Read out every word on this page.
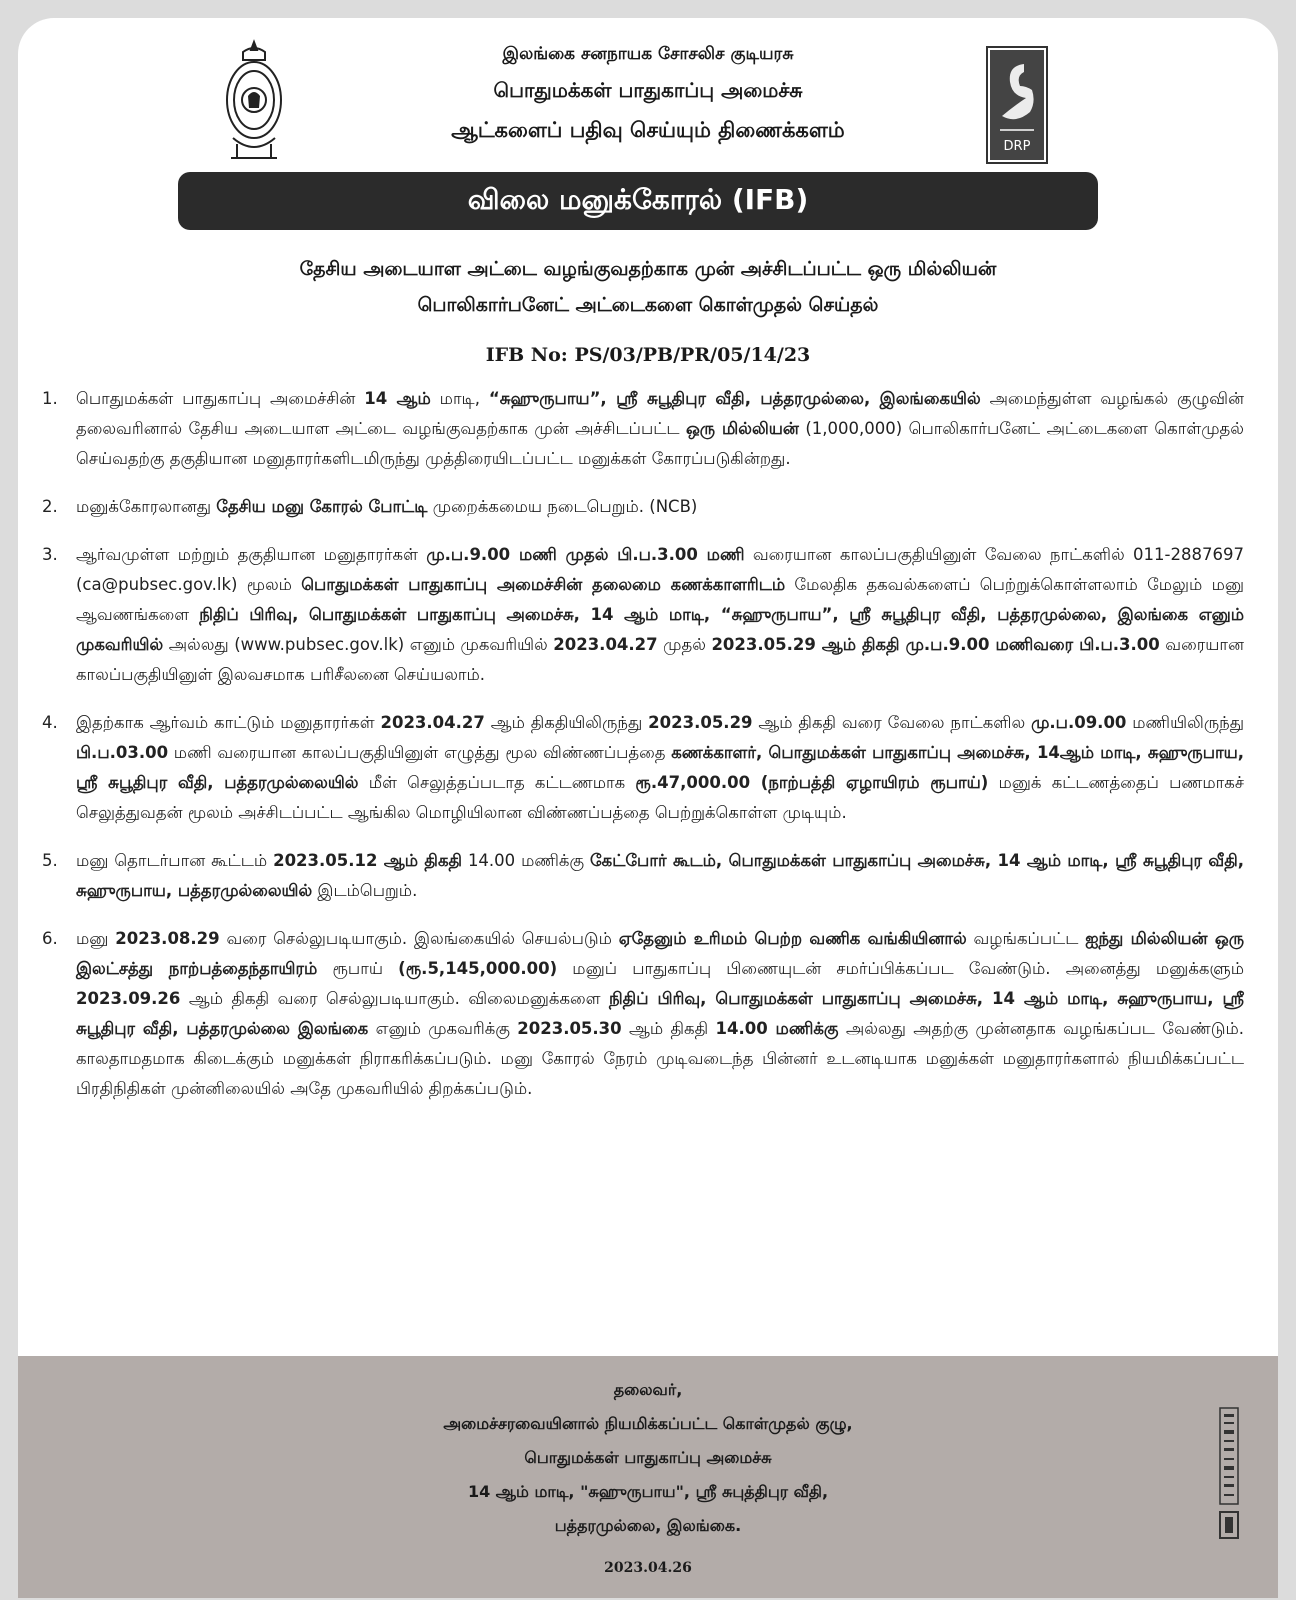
DRP
இலங்கை சனநாயக சோசலிச குடியரசு
பொதுமக்கள் பாதுகாப்பு அமைச்சு
ஆட்களைப் பதிவு செய்யும் திணைக்களம்
விலை மனுக்கோரல் (IFB)
தேசிய அடையாள அட்டை வழங்குவதற்காக முன் அச்சிடப்பட்ட ஒரு மில்லியன்
பொலிகார்பனேட் அட்டைகளை கொள்முதல் செய்தல்
IFB No: PS/03/PB/PR/05/14/23
1.	பொதுமக்கள் பாதுகாப்பு அமைச்சின் 14 ஆம் மாடி, “சுஹுருபாய”, ஸ்ரீ சுபூதிபுர வீதி, பத்தரமுல்லை, இலங்கையில் அமைந்துள்ள வழங்கல் குழுவின் தலைவரினால் தேசிய அடையாள அட்டை வழங்குவதற்காக முன் அச்சிடப்பட்ட ஒரு மில்லியன் (1,000,000) பொலிகார்பனேட் அட்டைகளை கொள்முதல் செய்வதற்கு தகுதியான மனுதாரர்களிடமிருந்து முத்திரையிடப்பட்ட மனுக்கள் கோரப்படுகின்றது.
2.	மனுக்கோரலானது தேசிய மனு கோரல் போட்டி முறைக்கமைய நடைபெறும். (NCB)
3.	ஆர்வமுள்ள மற்றும் தகுதியான மனுதாரர்கள் மு.ப.9.00 மணி முதல் பி.ப.3.00 மணி வரையான காலப்பகுதியினுள் வேலை நாட்களில் 011-2887697 (ca@pubsec.gov.lk) மூலம் பொதுமக்கள் பாதுகாப்பு அமைச்சின் தலைமை கணக்காளரிடம் மேலதிக தகவல்களைப் பெற்றுக்கொள்ளலாம் மேலும் மனு ஆவணங்களை நிதிப் பிரிவு, பொதுமக்கள் பாதுகாப்பு அமைச்சு, 14 ஆம் மாடி, “சுஹுருபாய”, ஸ்ரீ சுபூதிபுர வீதி, பத்தரமுல்லை, இலங்கை எனும் முகவரியில் அல்லது (www.pubsec.gov.lk) எனும் முகவரியில் 2023.04.27 முதல் 2023.05.29 ஆம் திகதி மு.ப.9.00 மணிவரை பி.ப.3.00 வரையான காலப்பகுதியினுள் இலவசமாக பரிசீலனை செய்யலாம்.
4.	இதற்காக ஆர்வம் காட்டும் மனுதாரர்கள் 2023.04.27 ஆம் திகதியிலிருந்து 2023.05.29 ஆம் திகதி வரை வேலை நாட்களில மு.ப.09.00 மணியிலிருந்து பி.ப.03.00 மணி வரையான காலப்பகுதியினுள் எழுத்து மூல விண்ணப்பத்தை கணக்காளர், பொதுமக்கள் பாதுகாப்பு அமைச்சு, 14ஆம் மாடி, சுஹுருபாய, ஸ்ரீ சுபூதிபுர வீதி, பத்தரமுல்லையில் மீள் செலுத்தப்படாத கட்டணமாக ரூ.47,000.00 (நாற்பத்தி ஏழாயிரம் ரூபாய்) மனுக் கட்டணத்தைப் பணமாகச் செலுத்துவதன் மூலம் அச்சிடப்பட்ட ஆங்கில மொழியிலான விண்ணப்பத்தை பெற்றுக்கொள்ள முடியும்.
5.	மனு தொடர்பான கூட்டம் 2023.05.12 ஆம் திகதி 14.00 மணிக்கு கேட்போர் கூடம், பொதுமக்கள் பாதுகாப்பு அமைச்சு, 14 ஆம் மாடி, ஸ்ரீ சுபூதிபுர வீதி, சுஹுருபாய, பத்தரமுல்லையில் இடம்பெறும்.
6.	மனு 2023.08.29 வரை செல்லுபடியாகும். இலங்கையில் செயல்படும் ஏதேனும் உரிமம் பெற்ற வணிக வங்கியினால் வழங்கப்பட்ட ஐந்து மில்லியன் ஒரு இலட்சத்து நாற்பத்தைந்தாயிரம் ரூபாய் (ரூ.5,145,000.00) மனுப் பாதுகாப்பு பிணையுடன் சமர்ப்பிக்கப்பட வேண்டும். அனைத்து மனுக்களும் 2023.09.26 ஆம் திகதி வரை செல்லுபடியாகும். விலைமனுக்களை நிதிப் பிரிவு, பொதுமக்கள் பாதுகாப்பு அமைச்சு, 14 ஆம் மாடி, சுஹுருபாய, ஸ்ரீ சுபூதிபுர வீதி, பத்தரமுல்லை இலங்கை எனும் முகவரிக்கு 2023.05.30 ஆம் திகதி 14.00 மணிக்கு அல்லது அதற்கு முன்னதாக வழங்கப்பட வேண்டும். காலதாமதமாக கிடைக்கும் மனுக்கள் நிராகரிக்கப்படும். மனு கோரல் நேரம் முடிவடைந்த பின்னர் உடனடியாக மனுக்கள் மனுதாரர்களால் நியமிக்கப்பட்ட பிரதிநிதிகள் முன்னிலையில் அதே முகவரியில் திறக்கப்படும்.
தலைவர்,
அமைச்சரவையினால் நியமிக்கப்பட்ட கொள்முதல் குழு,
பொதுமக்கள் பாதுகாப்பு அமைச்சு
14 ஆம் மாடி, "சுஹுருபாய", ஸ்ரீ சுபுத்திபுர வீதி,
பத்தரமுல்லை, இலங்கை.
2023.04.26
